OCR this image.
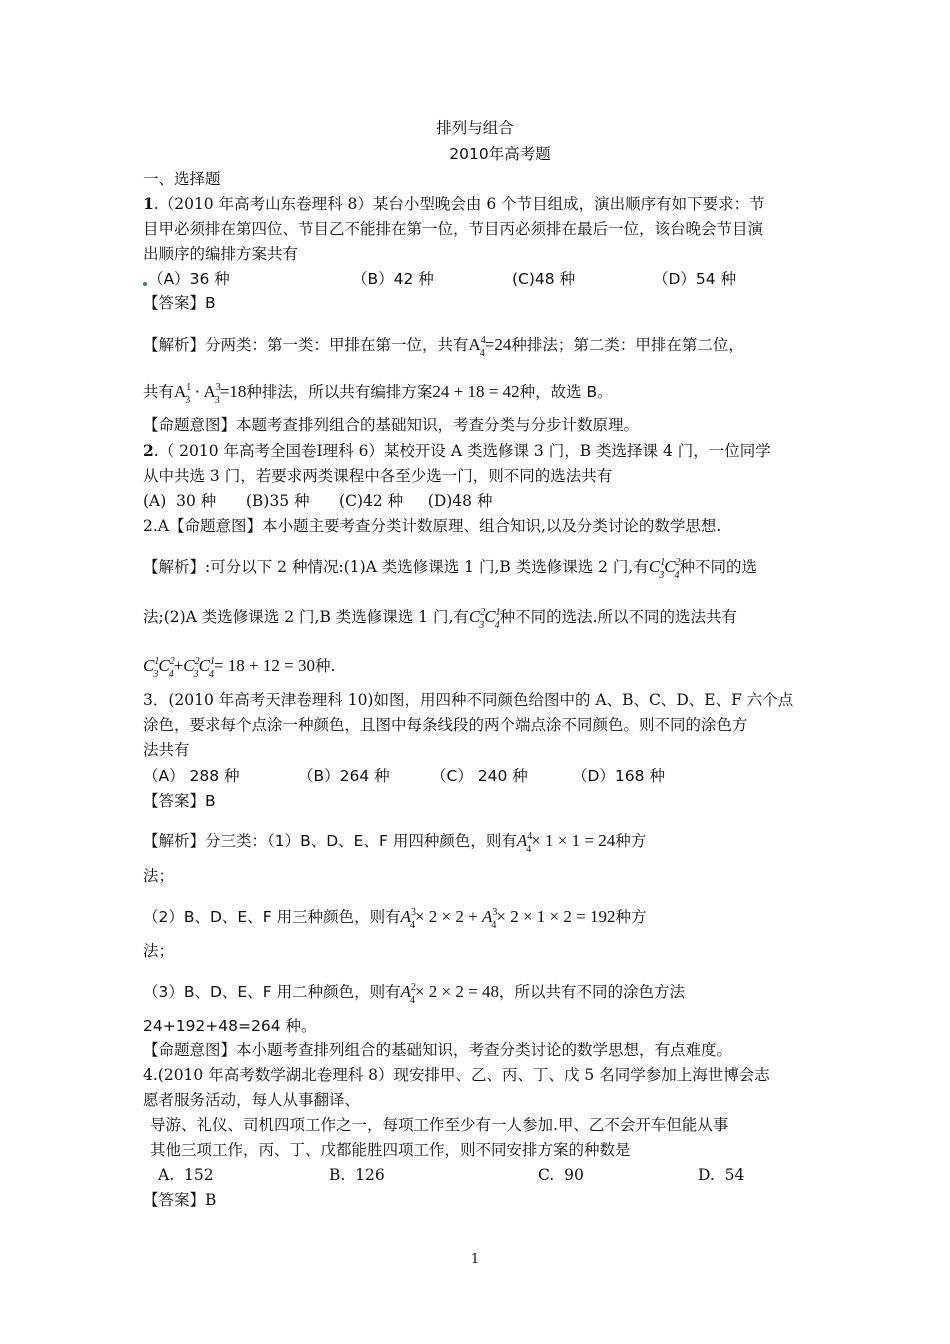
排列与组合
2010年高考题
一、选择题
1.（2010 年高考山东卷理科 8）某台小型晚会由 6 个节目组成，演出顺序有如下要求：节
目甲必须排在第四位、节目乙不能排在第一位，节目丙必须排在最后一位，该台晚会节目演
出顺序的编排方案共有
（A）36 种	（B）42 种	(C)48 种	（D）54 种
【答案】B
【解析】分两类：第一类：甲排在第一位，共有$A^4_4=24$种排法；第二类：甲排在第二位，
共有$A^1_3 \cdot A^3_3=18$种排法，所以共有编排方案24 + 18 = 42种，故选 B。
【命题意图】本题考查排列组合的基础知识，考查分类与分步计数原理。
2.（ 2010 年高考全国卷Ⅰ理科 6）某校开设 A 类选修课 3 门，B 类选择课 4 门，一位同学
从中共选 3 门，若要求两类课程中各至少选一门，则不同的选法共有
(A)  30 种      (B)35 种      (C)42 种     (D)48 种
2.A【命题意图】本小题主要考查分类计数原理、组合知识,以及分类讨论的数学思想.
【解析】:可分以下 2 种情况:(1)A 类选修课选 1 门,B 类选修课选 2 门,有$C^1_3C^2_4$种不同的选
法;(2)A 类选修课选 2 门,B 类选修课选 1 门,有$C^2_3C^1_4$种不同的选法.所以不同的选法共有
$C^1_3C^2_4+C^2_3C^1_4= 18 + 12 = 30$种.
3．(2010 年高考天津卷理科 10)如图，用四种不同颜色给图中的 A、B、C、D、E、F 六个点
涂色，要求每个点涂一种颜色，且图中每条线段的两个端点涂不同颜色。则不同的涂色方
法共有
（A） 288 种	（B）264 种	（C） 240 种	（D）168 种
【答案】B
【解析】分三类：（1）B、D、E、F 用四种颜色，则有$A^4_4\times 1 \times 1 = 24$种方
法；
（2）B、D、E、F 用三种颜色，则有$A^3_4\times 2 \times 2 + A^3_4\times 2 \times 1 \times 2 = 192$种方
法；
（3）B、D、E、F 用二种颜色，则有$A^2_4\times 2 \times 2 = 48$，所以共有不同的涂色方法
24+192+48=264 种。
【命题意图】本小题考查排列组合的基础知识，考查分类讨论的数学思想，有点难度。
4.(2010 年高考数学湖北卷理科 8）现安排甲、乙、丙、丁、戊 5 名同学参加上海世博会志
愿者服务活动，每人从事翻译、
导游、礼仪、司机四项工作之一，每项工作至少有一人参加.甲、乙不会开车但能从事
其他三项工作，丙、丁、戊都能胜四项工作，则不同安排方案的种数是
A.  152	B.  126	C.  90	D.  54
【答案】B
1
